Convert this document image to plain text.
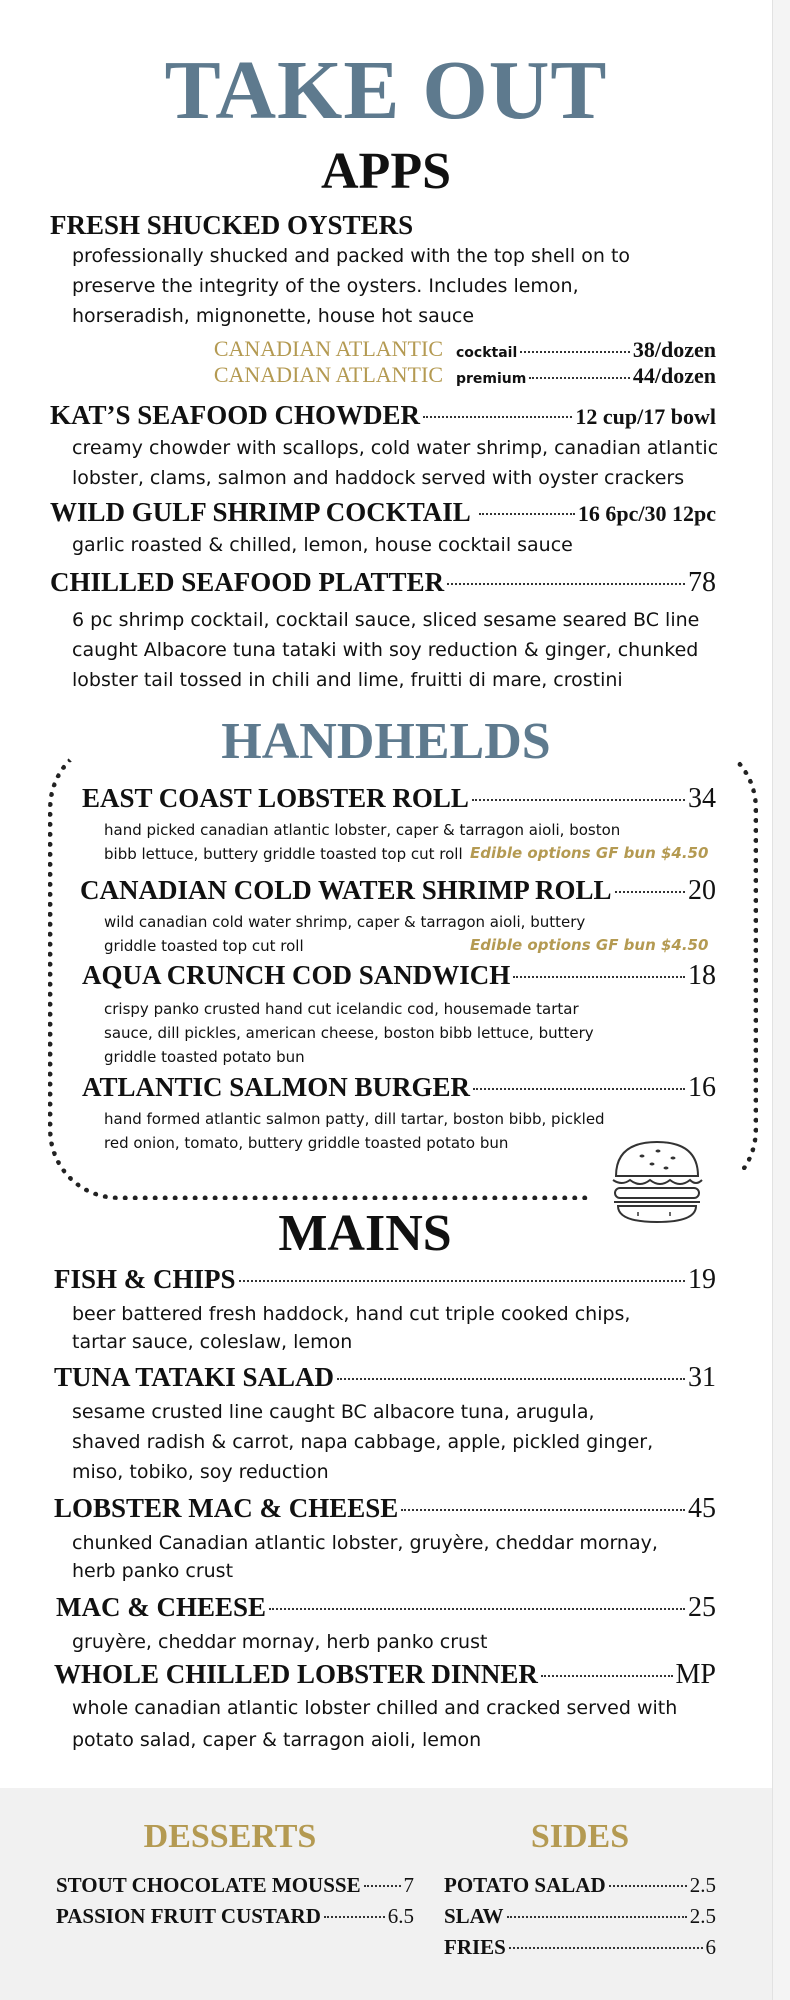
TAKE OUT
APPS
FRESH SHUCKED OYSTERS
professionally shucked and packed with the top shell on to
preserve the integrity of the oysters. Includes lemon,
horseradish, mignonette, house hot sauce
CANADIAN ATLANTIC cocktail	38/dozen
CANADIAN ATLANTIC premium	44/dozen
KAT’S SEAFOOD CHOWDER	12 cup/17 bowl
creamy chowder with scallops, cold water shrimp, canadian atlantic
lobster, clams, salmon and haddock served with oyster crackers
WILD GULF SHRIMP COCKTAIL	16 6pc/30 12pc
garlic roasted & chilled, lemon, house cocktail sauce
CHILLED SEAFOOD PLATTER	78
6 pc shrimp cocktail, cocktail sauce, sliced sesame seared BC line
caught Albacore tuna tataki with soy reduction & ginger, chunked
lobster tail tossed in chili and lime, fruitti di mare, crostini
HANDHELDS
EAST COAST LOBSTER ROLL	34
hand picked canadian atlantic lobster, caper & tarragon aioli, boston
bibb lettuce, buttery griddle toasted top cut roll Edible options GF bun $4.50
CANADIAN COLD WATER SHRIMP ROLL	20
wild canadian cold water shrimp, caper & tarragon aioli, buttery
griddle toasted top cut roll	Edible options GF bun $4.50
AQUA CRUNCH COD SANDWICH	18
crispy panko crusted hand cut icelandic cod, housemade tartar
sauce, dill pickles, american cheese, boston bibb lettuce, buttery
griddle toasted potato bun
ATLANTIC SALMON BURGER	16
hand formed atlantic salmon patty, dill tartar, boston bibb, pickled
red onion, tomato, buttery griddle toasted potato bun
MAINS
FISH & CHIPS	19
beer battered fresh haddock, hand cut triple cooked chips,
tartar sauce, coleslaw, lemon
TUNA TATAKI SALAD	31
sesame crusted line caught BC albacore tuna, arugula,
shaved radish & carrot, napa cabbage, apple, pickled ginger,
miso, tobiko, soy reduction
LOBSTER MAC & CHEESE	45
chunked Canadian atlantic lobster, gruyère, cheddar mornay,
herb panko crust
MAC & CHEESE	25
gruyère, cheddar mornay, herb panko crust
WHOLE CHILLED LOBSTER DINNER	MP
whole canadian atlantic lobster chilled and cracked served with
potato salad, caper & tarragon aioli, lemon
DESSERTS	SIDES
STOUT CHOCOLATE MOUSSE 7
PASSION FRUIT CUSTARD	6.5
POTATO SALAD	2.5
SLAW	2.5
FRIES	6
